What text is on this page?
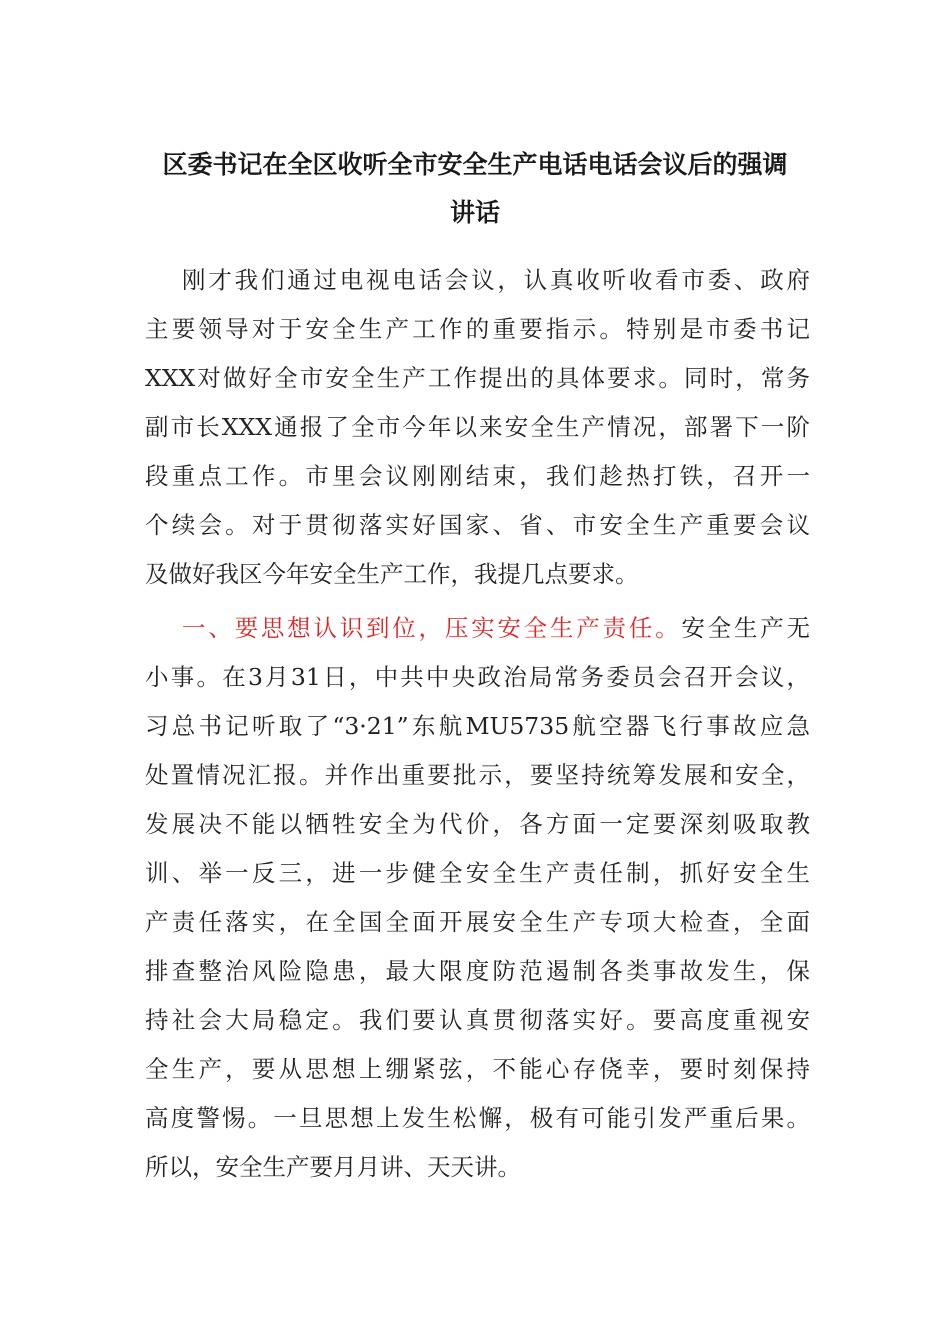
区委书记在全区收听全市安全生产电话电话会议后的强调
讲话
刚才我们通过电视电话会议，认真收听收看市委、政府
主要领导对于安全生产工作的重要指示。特别是市委书记
XXX对做好全市安全生产工作提出的具体要求。同时，常务
副市长XXX通报了全市今年以来安全生产情况，部署下一阶
段重点工作。市里会议刚刚结束，我们趁热打铁，召开一
个续会。对于贯彻落实好国家、省、市安全生产重要会议
及做好我区今年安全生产工作，我提几点要求。
一、要思想认识到位，压实安全生产责任。安全生产无
小事。在3月31日，中共中央政治局常务委员会召开会议，
习总书记听取了“3·21”东航MU5735航空器飞行事故应急
处置情况汇报。并作出重要批示，要坚持统筹发展和安全，
发展决不能以牺牲安全为代价，各方面一定要深刻吸取教
训、举一反三，进一步健全安全生产责任制，抓好安全生
产责任落实，在全国全面开展安全生产专项大检查，全面
排查整治风险隐患，最大限度防范遏制各类事故发生，保
持社会大局稳定。我们要认真贯彻落实好。要高度重视安
全生产，要从思想上绷紧弦，不能心存侥幸，要时刻保持
高度警惕。一旦思想上发生松懈，极有可能引发严重后果。
所以，安全生产要月月讲、天天讲。
